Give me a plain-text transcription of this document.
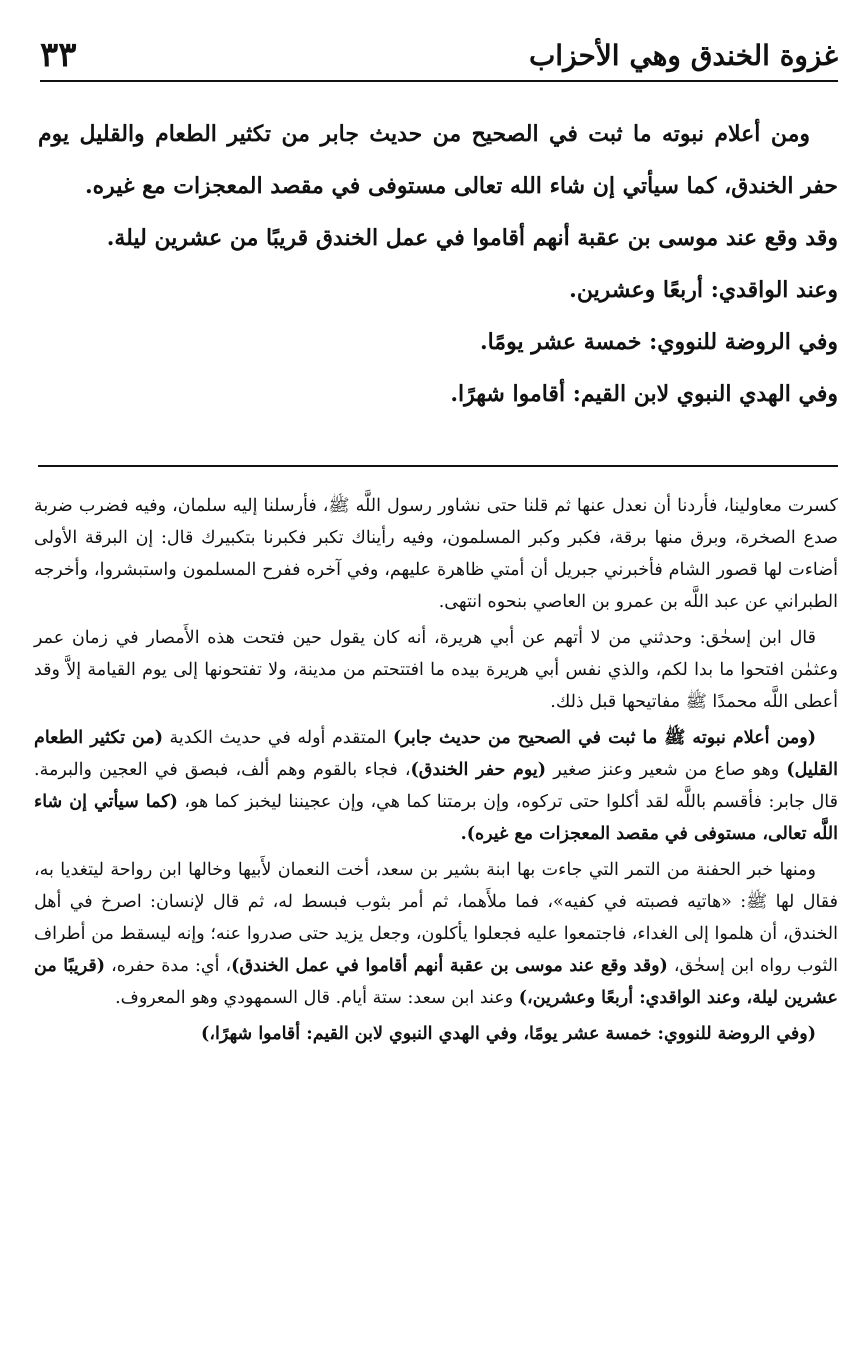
غزوة الخندق وهي الأحزاب
٣٣

ومن أعلام نبوته ما ثبت في الصحيح من حديث جابر من تكثير الطعام والقليل يوم حفر الخندق، كما سيأتي إن شاء الله تعالى مستوفى في مقصد المعجزات مع غيره.

وقد وقع عند موسى بن عقبة أنهم أقاموا في عمل الخندق قريبًا من عشرين ليلة.

وعند الواقدي: أربعًا وعشرين.

وفي الروضة للنووي: خمسة عشر يومًا.

وفي الهدي النبوي لابن القيم: أقاموا شهرًا.

كسرت معاولينا، فأردنا أن نعدل عنها ثم قلنا حتى نشاور رسول اللَّه ﷺ، فأرسلنا إليه سلمان، وفيه فضرب ضربة صدع الصخرة، وبرق منها برقة، فكبر وكبر المسلمون، وفيه رأيناك تكبر فكبرنا بتكبيرك قال: إن البرقة الأولى أضاءت لها قصور الشام فأخبرني جبريل أن أمتي ظاهرة عليهم، وفي آخره ففرح المسلمون واستبشروا، وأخرجه الطبراني عن عبد اللَّه بن عمرو بن العاصي بنحوه انتهى.

قال ابن إسحٰق: وحدثني من لا أتهم عن أبي هريرة، أنه كان يقول حين فتحت هذه الأَمصار في زمان عمر وعثمٰن افتحوا ما بدا لكم، والذي نفس أبي هريرة بيده ما افتتحتم من مدينة، ولا تفتحونها إلى يوم القيامة إلاَّ وقد أعطى اللَّه محمدًا ﷺ مفاتيحها قبل ذلك.

(ومن أعلام نبوته ﷺ ما ثبت في الصحيح من حديث جابر) المتقدم أوله في حديث الكدية (من تكثير الطعام القليل) وهو صاع من شعير وعنز صغير (يوم حفر الخندق)، فجاء بالقوم وهم ألف، فبصق في العجين والبرمة. قال جابر: فأقسم باللَّه لقد أكلوا حتى تركوه، وإن برمتنا كما هي، وإن عجيننا ليخبز كما هو، (كما سيأتي إن شاء اللَّه تعالى، مستوفى في مقصد المعجزات مع غيره).

ومنها خبر الحفنة من التمر التي جاءت بها ابنة بشير بن سعد، أخت النعمان لأَبيها وخالها ابن رواحة ليتغديا به، فقال لها ﷺ: «هاتيه فصبته في كفيه»، فما ملأَهما، ثم أمر بثوب فبسط له، ثم قال لإنسان: اصرخ في أهل الخندق، أن هلموا إلى الغداء، فاجتمعوا عليه فجعلوا يأكلون، وجعل يزيد حتى صدروا عنه؛ وإنه ليسقط من أطراف الثوب رواه ابن إسحٰق، (وقد وقع عند موسى بن عقبة أنهم أقاموا في عمل الخندق)، أي: مدة حفره، (قريبًا من عشرين ليلة، وعند الواقدي: أربعًا وعشرين،) وعند ابن سعد: ستة أيام. قال السمهودي وهو المعروف.

(وفي الروضة للنووي: خمسة عشر يومًا، وفي الهدي النبوي لابن القيم: أقاموا شهرًا،)
